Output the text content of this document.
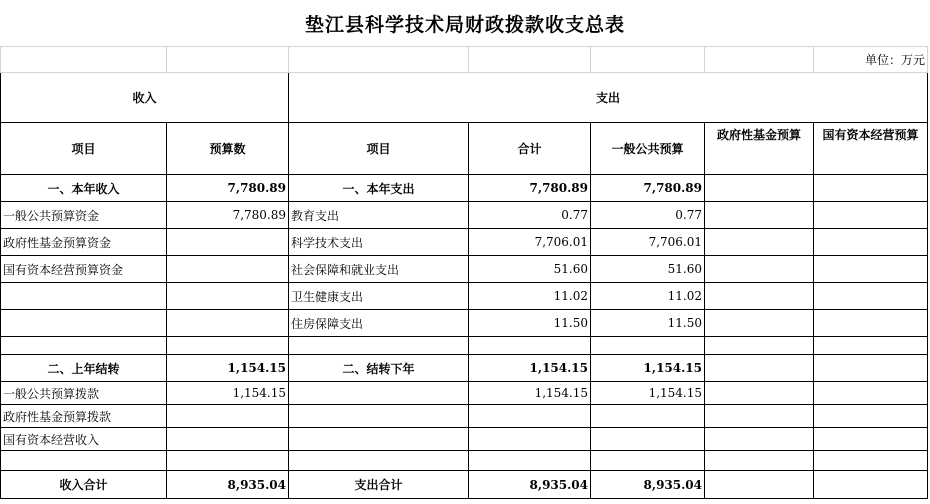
垫江县科学技术局财政拨款收支总表
						单位：万元
收入		支出				
项目	预算数	项目	合计	一般公共预算	政府性基金预算	国有资本经营预算
一、本年收入	7,780.89	一、本年支出	7,780.89	7,780.89		
一般公共预算资金	7,780.89	教育支出	0.77	0.77		
政府性基金预算资金		科学技术支出	7,706.01	7,706.01		
国有资本经营预算资金		社会保障和就业支出	51.60	51.60		
		卫生健康支出	11.02	11.02		
		住房保障支出	11.50	11.50		

二、上年结转	1,154.15	二、结转下年	1,154.15	1,154.15		
一般公共预算拨款	1,154.15		1,154.15	1,154.15		
政府性基金预算拨款						
国有资本经营收入						

收入合计	8,935.04	支出合计	8,935.04	8,935.04		
